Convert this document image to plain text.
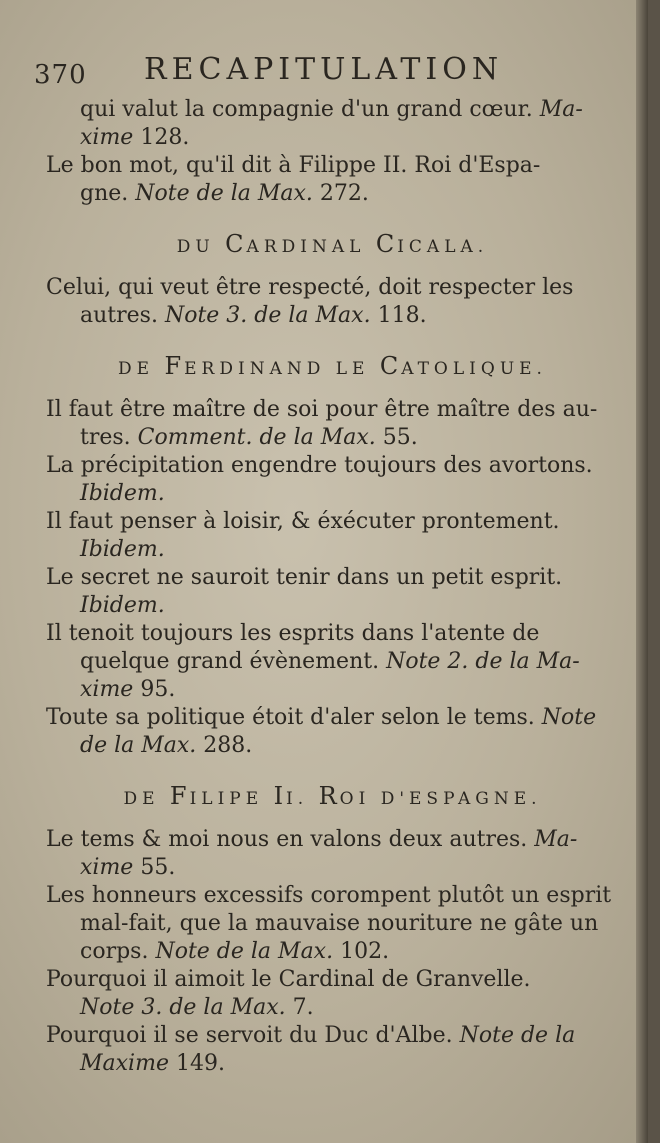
370 RECAPITULATION
qui valut la compagnie d'un grand cœur. Ma-
xime 128.
Le bon mot, qu'il dit à Filippe II. Roi d'Espa-
gne. Note de la Max. 272.
DU CARDINAL CICALA.
Celui, qui veut être respecté, doit respecter les
autres. Note 3. de la Max. 118.
DE FERDINAND LE CATOLIQUE.
Il faut être maître de soi pour être maître des au-
tres. Comment. de la Max. 55.
La précipitation engendre toujours des avortons.
Ibidem.
Il faut penser à loisir, & éxécuter prontement.
Ibidem.
Le secret ne sauroit tenir dans un petit esprit.
Ibidem.
Il tenoit toujours les esprits dans l'atente de
quelque grand évènement. Note 2. de la Ma-
xime 95.
Toute sa politique étoit d'aler selon le tems. Note
de la Max. 288.
DE FILIPE II. ROI D'ESPAGNE.
Le tems & moi nous en valons deux autres. Ma-
xime 55.
Les honneurs excessifs corompent plutôt un esprit
mal-fait, que la mauvaise nouriture ne gâte un
corps. Note de la Max. 102.
Pourquoi il aimoit le Cardinal de Granvelle.
Note 3. de la Max. 7.
Pourquoi il se servoit du Duc d'Albe. Note de la
Maxime 149.
